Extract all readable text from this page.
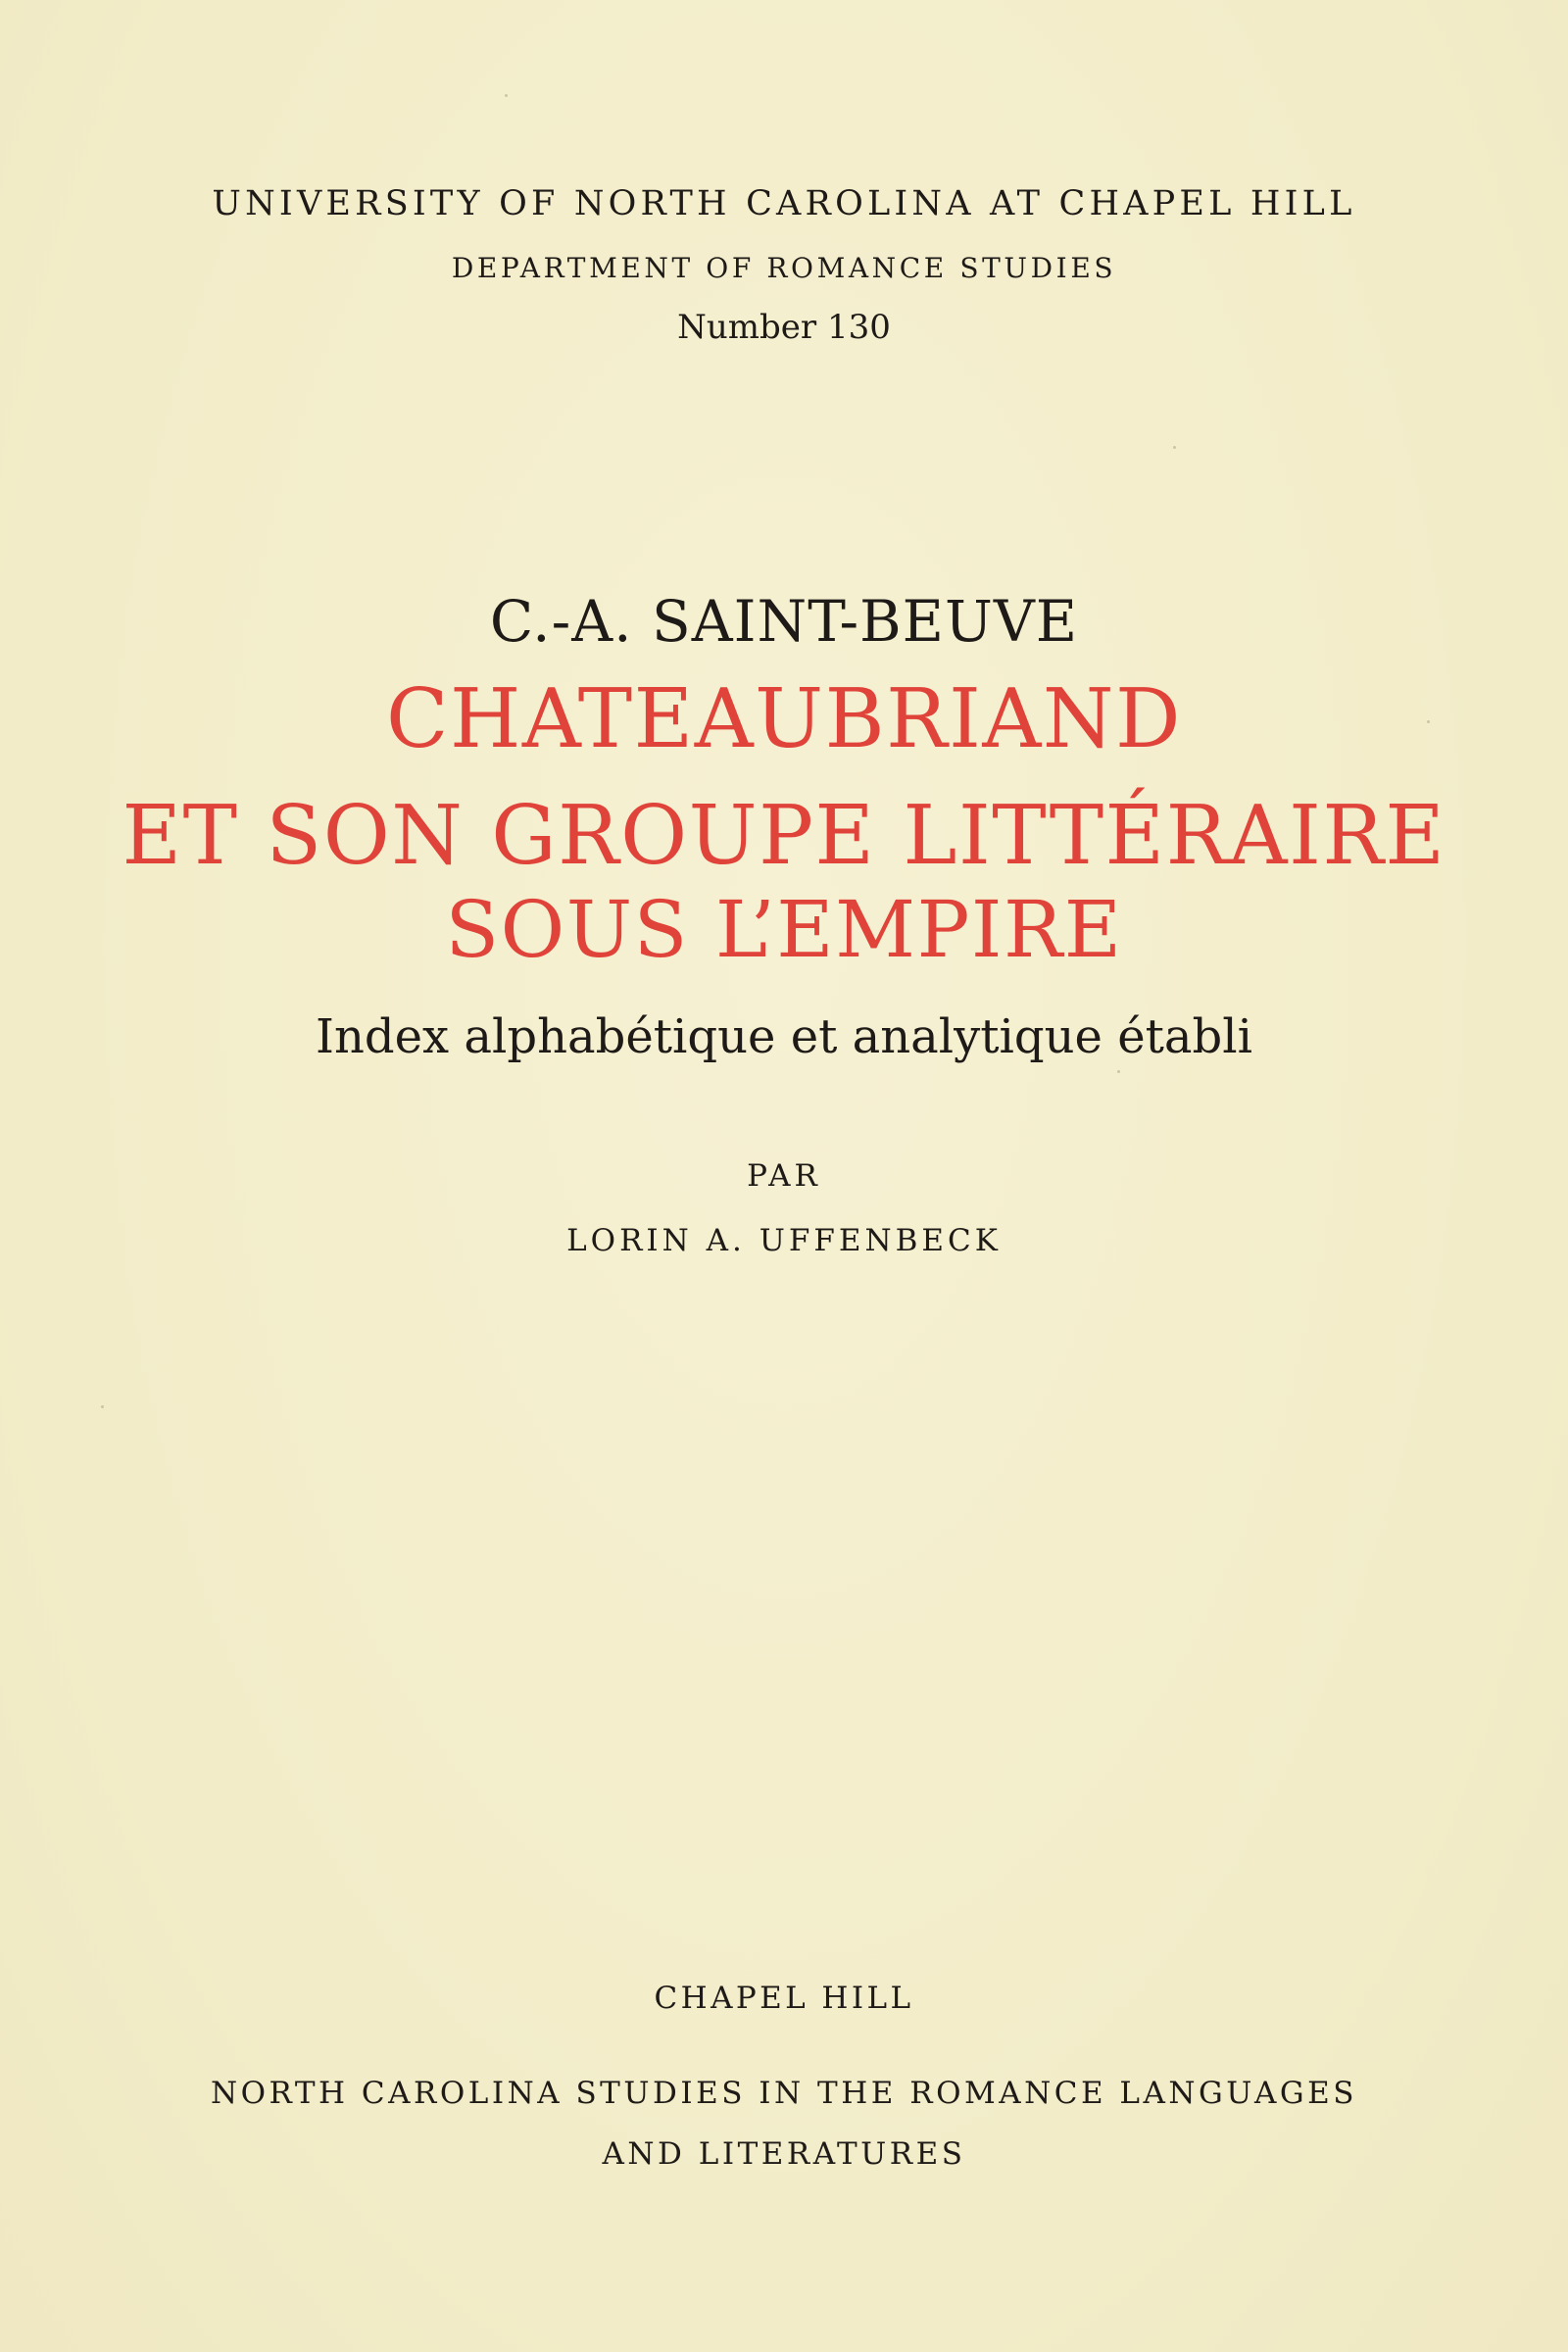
UNIVERSITY OF NORTH CAROLINA AT CHAPEL HILL
DEPARTMENT OF ROMANCE STUDIES
Number 130
C.-A. SAINT-BEUVE
CHATEAUBRIAND
ET SON GROUPE LITTÉRAIRE
SOUS L’EMPIRE
Index alphabétique et analytique établi
PAR
LORIN A. UFFENBECK
CHAPEL HILL
NORTH CAROLINA STUDIES IN THE ROMANCE LANGUAGES
AND LITERATURES
